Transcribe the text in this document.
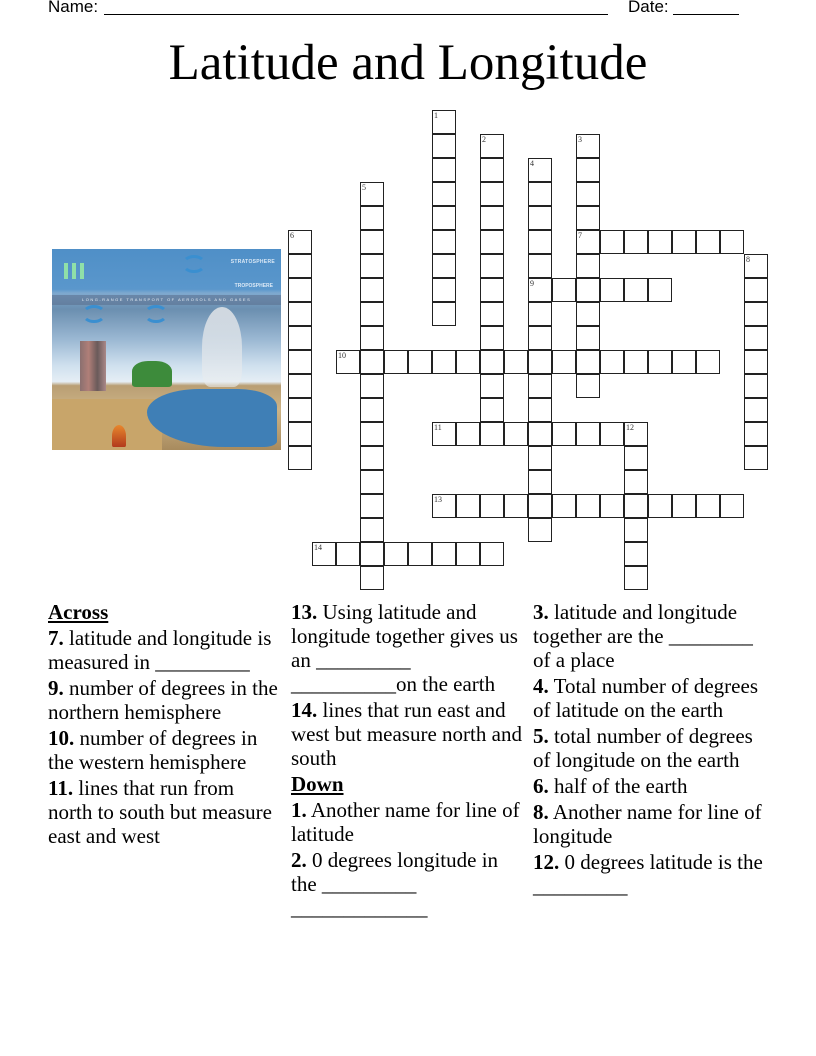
Name:	Date:
Latitude and Longitude
LONG-RANGE TRANSPORT OF AEROSOLS AND GASES
STRATOSPHERE
TROPOSPHERE
1
2	3
7
4
9
5
6
8
10
11	12
13
14
Across
7. latitude and longitude is measured in _________
9. number of degrees in the northern hemisphere
10. number of degrees in the western hemisphere
11. lines that run from north to south but measure east and west
13. Using latitude and longitude together gives us an _________ __________on the earth
14. lines that run east and west but measure north and south
Down
1. Another name for line of latitude
2. 0 degrees longitude in the _________ _____________
3. latitude and longitude together are the ________ of a place
4. Total number of degrees of latitude on the earth
5. total number of degrees of longitude on the earth
6. half of the earth
8. Another name for line of longitude
12. 0 degrees latitude is the _________
